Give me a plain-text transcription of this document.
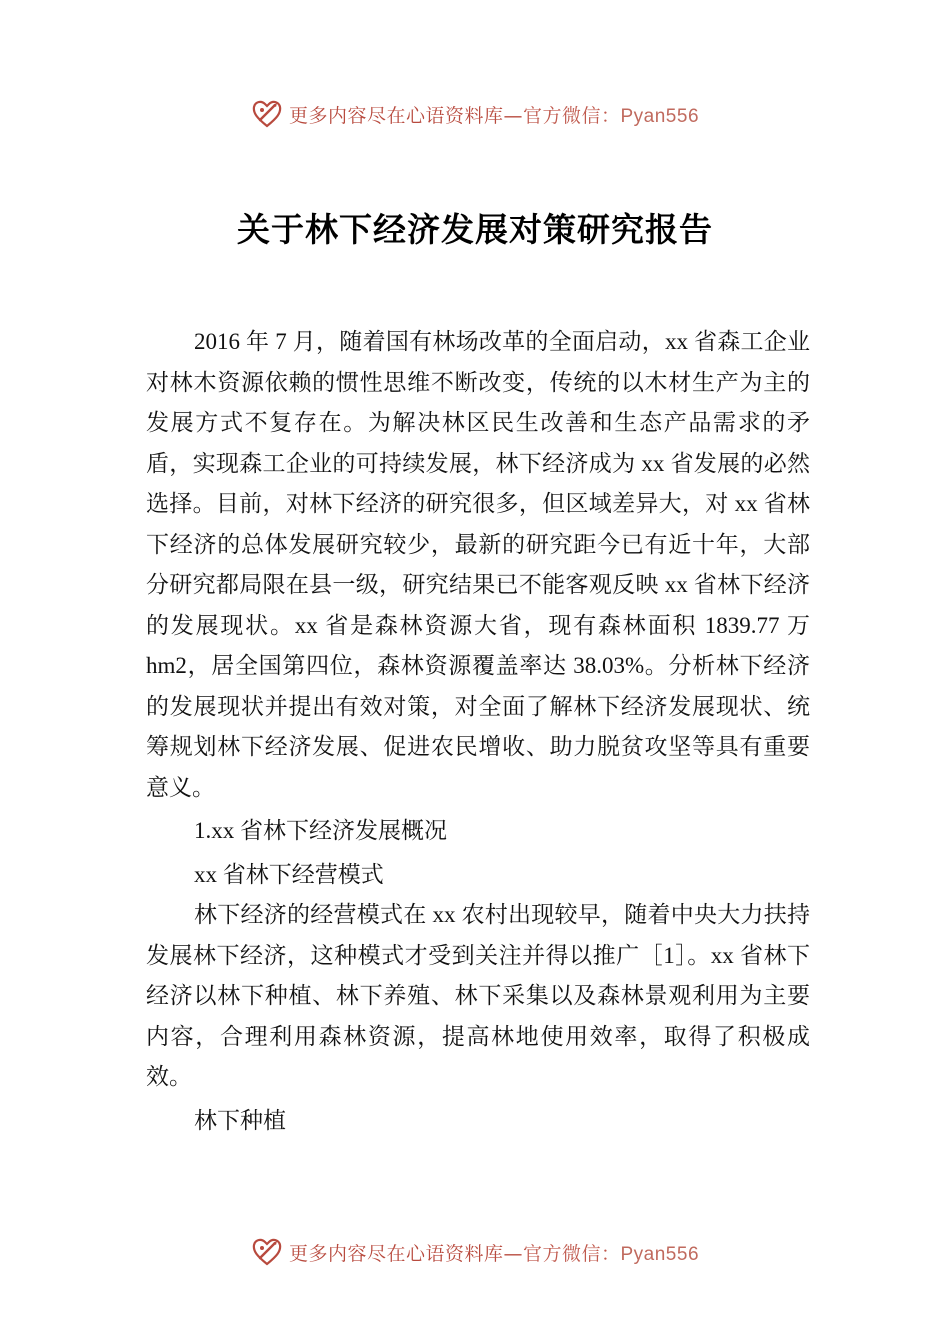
更多内容尽在心语资料库—官方微信：Pyan556
关于林下经济发展对策研究报告

2016 年 7 月，随着国有林场改革的全面启动，xx 省森工企业对林木资源依赖的惯性思维不断改变，传统的以木材生产为主的发展方式不复存在。为解决林区民生改善和生态产品需求的矛盾，实现森工企业的可持续发展，林下经济成为 xx 省发展的必然选择。目前，对林下经济的研究很多，但区域差异大，对 xx 省林下经济的总体发展研究较少，最新的研究距今已有近十年，大部分研究都局限在县一级，研究结果已不能客观反映 xx 省林下经济的发展现状。xx 省是森林资源大省，现有森林面积 1839.77 万 hm2，居全国第四位，森林资源覆盖率达 38.03%。分析林下经济的发展现状并提出有效对策，对全面了解林下经济发展现状、统筹规划林下经济发展、促进农民增收、助力脱贫攻坚等具有重要意义。

1.xx 省林下经济发展概况

xx 省林下经营模式

林下经济的经营模式在 xx 农村出现较早，随着中央大力扶持发展林下经济，这种模式才受到关注并得以推广［1］。xx 省林下经济以林下种植、林下养殖、林下采集以及森林景观利用为主要内容，合理利用森林资源，提高林地使用效率，取得了积极成效。

林下种植

更多内容尽在心语资料库—官方微信：Pyan556
